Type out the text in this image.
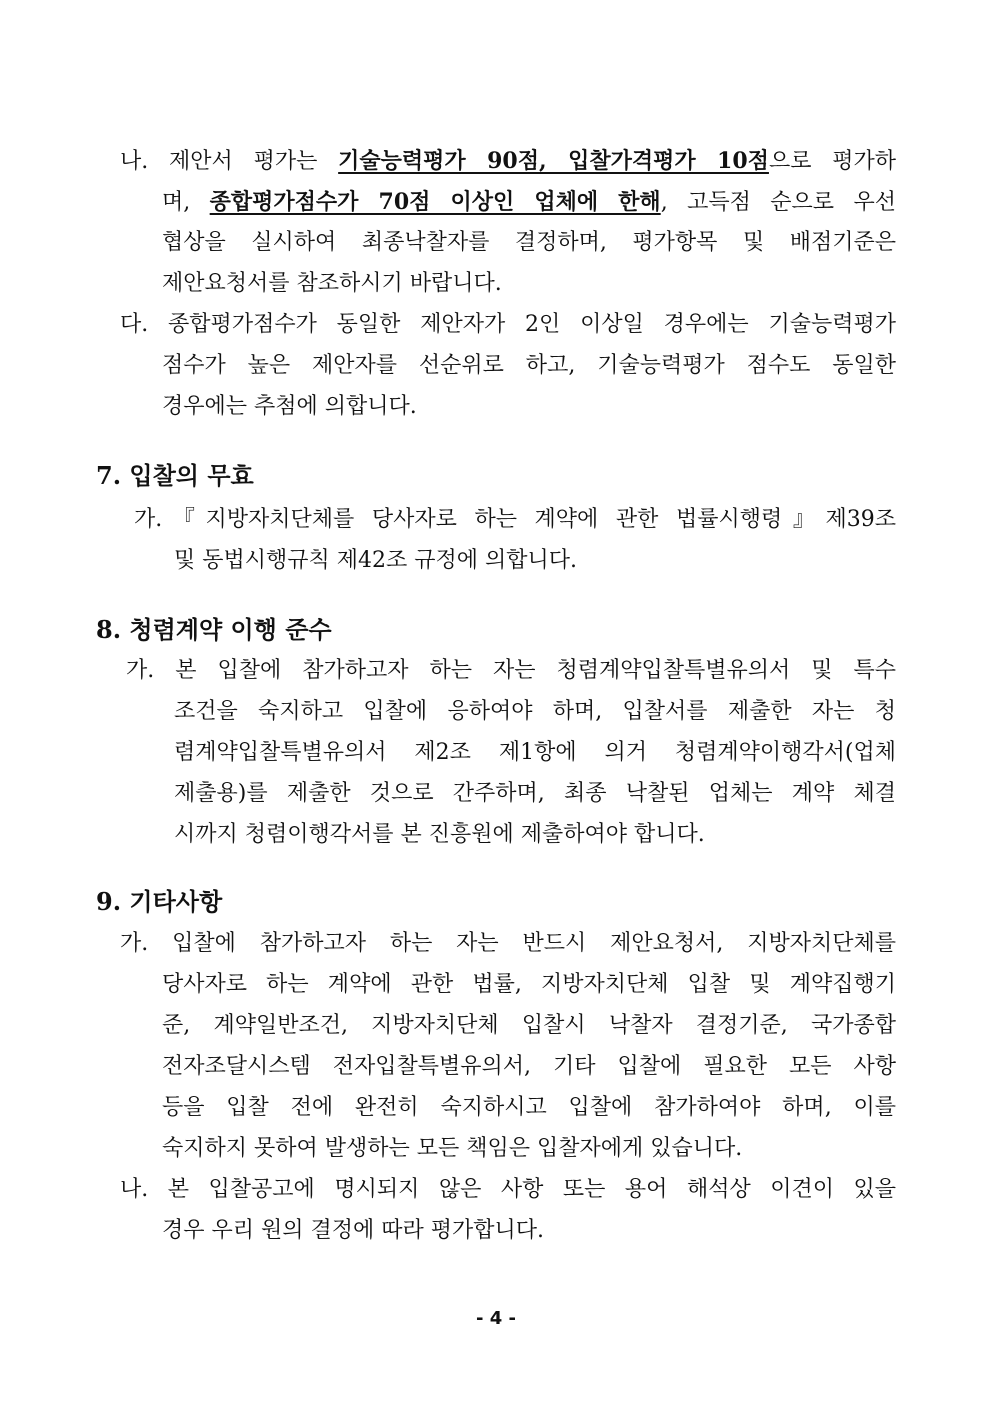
나. 제안서 평가는 기술능력평가 90점, 입찰가격평가 10점으로 평가하
며, 종합평가점수가 70점 이상인 업체에 한해, 고득점 순으로 우선
협상을 실시하여 최종낙찰자를 결정하며, 평가항목 및 배점기준은
제안요청서를 참조하시기 바랍니다.
다. 종합평가점수가 동일한 제안자가 2인 이상일 경우에는 기술능력평가
점수가 높은 제안자를 선순위로 하고, 기술능력평가 점수도 동일한
경우에는 추첨에 의합니다.
7. 입찰의 무효
가.『지방자치단체를 당사자로 하는 계약에 관한 법률시행령』제39조
및 동법시행규칙 제42조 규정에 의합니다.
8. 청렴계약 이행 준수
가. 본 입찰에 참가하고자 하는 자는 청렴계약입찰특별유의서 및 특수
조건을 숙지하고 입찰에 응하여야 하며, 입찰서를 제출한 자는 청
렴계약입찰특별유의서 제2조 제1항에 의거 청렴계약이행각서(업체
제출용)를 제출한 것으로 간주하며, 최종 낙찰된 업체는 계약 체결
시까지 청렴이행각서를 본 진흥원에 제출하여야 합니다.
9. 기타사항
가. 입찰에 참가하고자 하는 자는 반드시 제안요청서, 지방자치단체를
당사자로 하는 계약에 관한 법률, 지방자치단체 입찰 및 계약집행기
준, 계약일반조건, 지방자치단체 입찰시 낙찰자 결정기준, 국가종합
전자조달시스템 전자입찰특별유의서, 기타 입찰에 필요한 모든 사항
등을 입찰 전에 완전히 숙지하시고 입찰에 참가하여야 하며, 이를
숙지하지 못하여 발생하는 모든 책임은 입찰자에게 있습니다.
나. 본 입찰공고에 명시되지 않은 사항 또는 용어 해석상 이견이 있을
경우 우리 원의 결정에 따라 평가합니다.
- 4 -
